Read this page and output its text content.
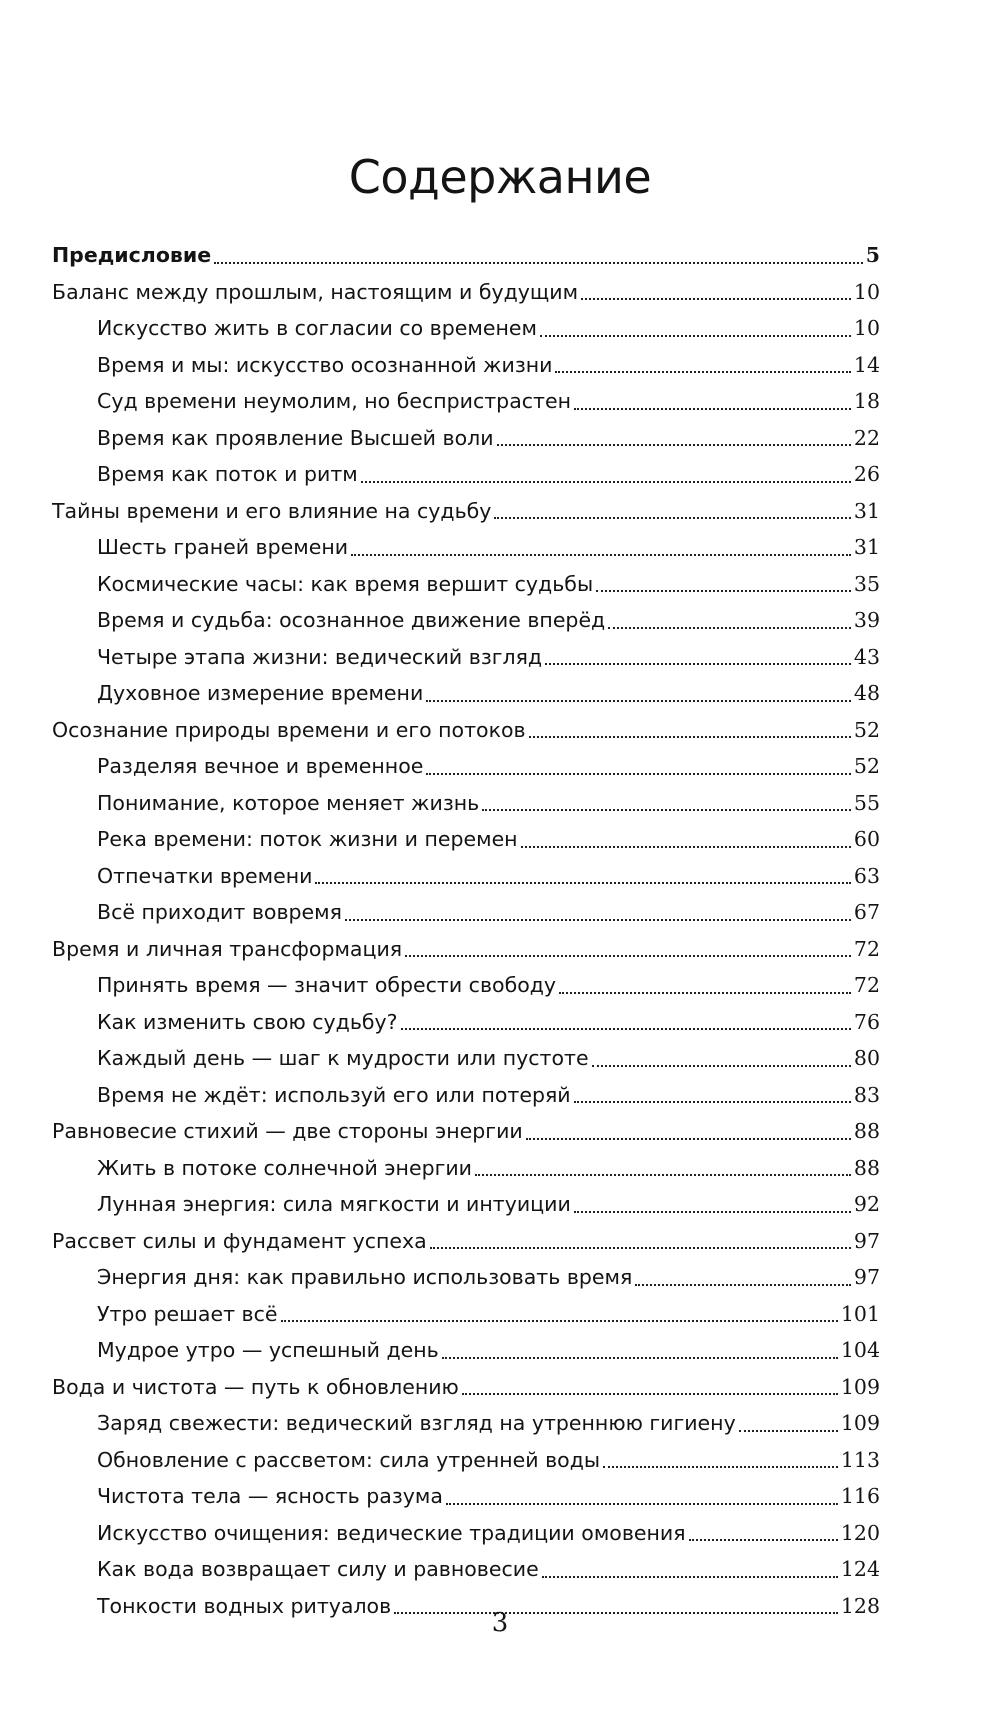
Содержание
Предисловие	5
Баланс между прошлым, настоящим и будущим	10
Искусство жить в согласии со временем	10
Время и мы: искусство осознанной жизни	14
Суд времени неумолим, но беспристрастен	18
Время как проявление Высшей воли	22
Время как поток и ритм	26
Тайны времени и его влияние на судьбу	31
Шесть граней времени	31
Космические часы: как время вершит судьбы	35
Время и судьба: осознанное движение вперёд	39
Четыре этапа жизни: ведический взгляд	43
Духовное измерение времени	48
Осознание природы времени и его потоков	52
Разделяя вечное и временное	52
Понимание, которое меняет жизнь	55
Река времени: поток жизни и перемен	60
Отпечатки времени	63
Всё приходит вовремя	67
Время и личная трансформация	72
Принять время — значит обрести свободу	72
Как изменить свою судьбу?	76
Каждый день — шаг к мудрости или пустоте	80
Время не ждёт: используй его или потеряй	83
Равновесие стихий — две стороны энергии	88
Жить в потоке солнечной энергии	88
Лунная энергия: сила мягкости и интуиции	92
Рассвет силы и фундамент успеха	97
Энергия дня: как правильно использовать время	97
Утро решает всё	101
Мудрое утро — успешный день	104
Вода и чистота — путь к обновлению	109
Заряд свежести: ведический взгляд на утреннюю гигиену	109
Обновление с рассветом: сила утренней воды	113
Чистота тела — ясность разума	116
Искусство очищения: ведические традиции омовения	120
Как вода возвращает силу и равновесие	124
Тонкости водных ритуалов	128
3
